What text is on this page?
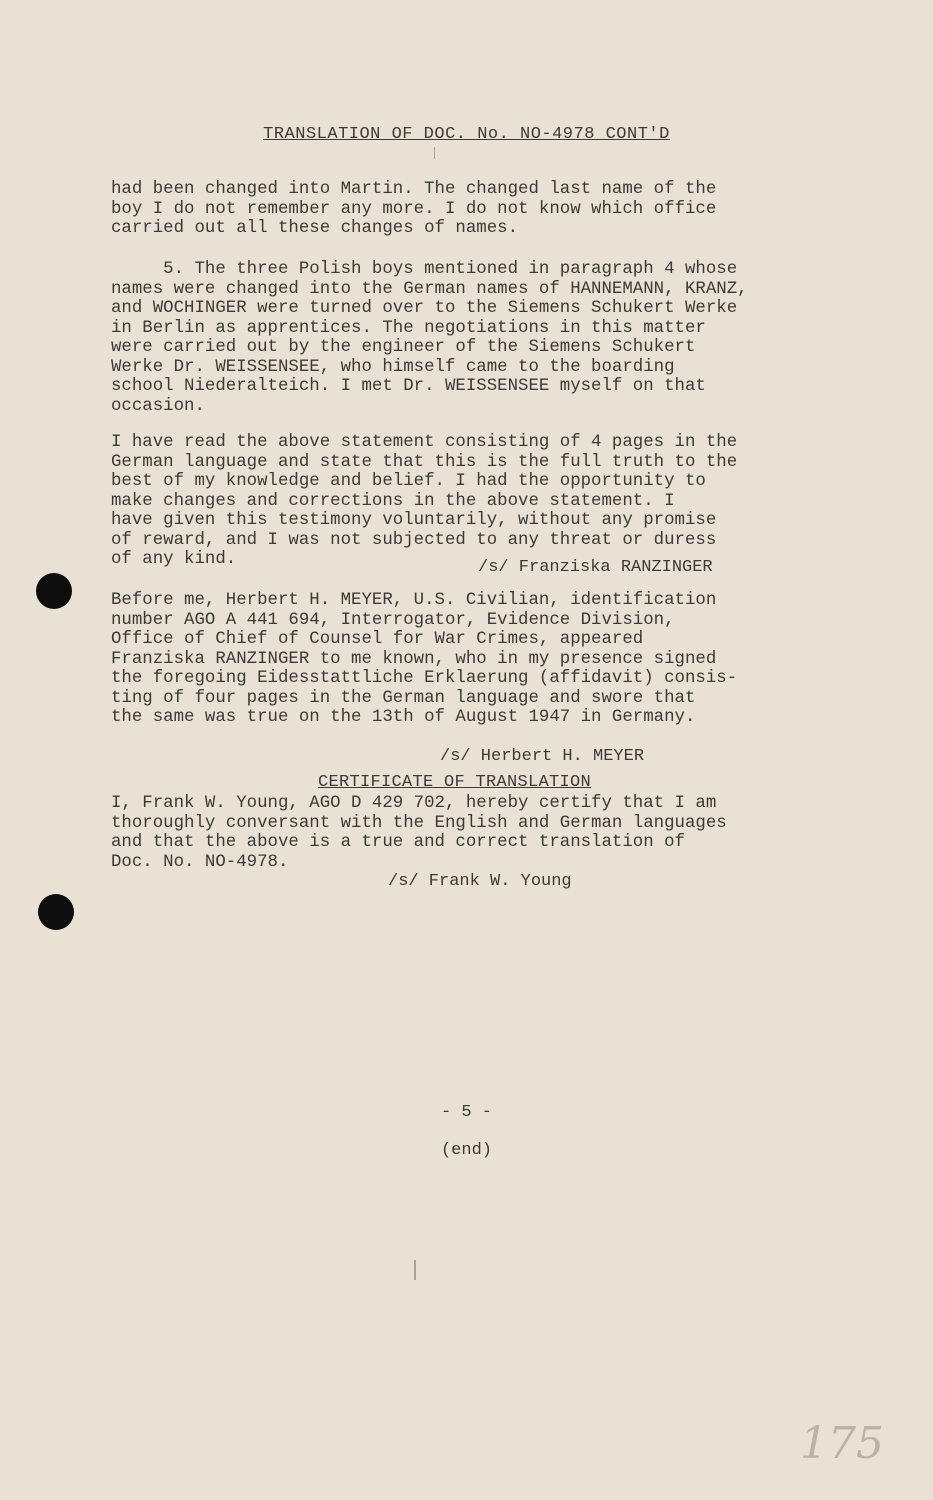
TRANSLATION OF DOC. No. NO-4978 CONT'D

had been changed into Martin. The changed last name of the
boy I do not remember any more. I do not know which office
carried out all these changes of names.

5. The three Polish boys mentioned in paragraph 4 whose
names were changed into the German names of HANNEMANN, KRANZ,
and WOCHINGER were turned over to the Siemens Schukert Werke
in Berlin as apprentices. The negotiations in this matter
were carried out by the engineer of the Siemens Schukert
Werke Dr. WEISSENSEE, who himself came to the boarding
school Niederalteich. I met Dr. WEISSENSEE myself on that
occasion.

I have read the above statement consisting of 4 pages in the
German language and state that this is the full truth to the
best of my knowledge and belief. I had the opportunity to
make changes and corrections in the above statement. I
have given this testimony voluntarily, without any promise
of reward, and I was not subjected to any threat or duress
of any kind.	/s/ Franziska RANZINGER

Before me, Herbert H. MEYER, U.S. Civilian, identification
number AGO A 441 694, Interrogator, Evidence Division,
Office of Chief of Counsel for War Crimes, appeared
Franziska RANZINGER to me known, who in my presence signed
the foregoing Eidesstattliche Erklaerung (affidavit) consis-
ting of four pages in the German language and swore that
the same was true on the 13th of August 1947 in Germany.

/s/ Herbert H. MEYER
CERTIFICATE OF TRANSLATION

I, Frank W. Young, AGO D 429 702, hereby certify that I am
thoroughly conversant with the English and German languages
and that the above is a true and correct translation of
Doc. No. NO-4978.

/s/ Frank W. Young
- 5 -
(end)
175
